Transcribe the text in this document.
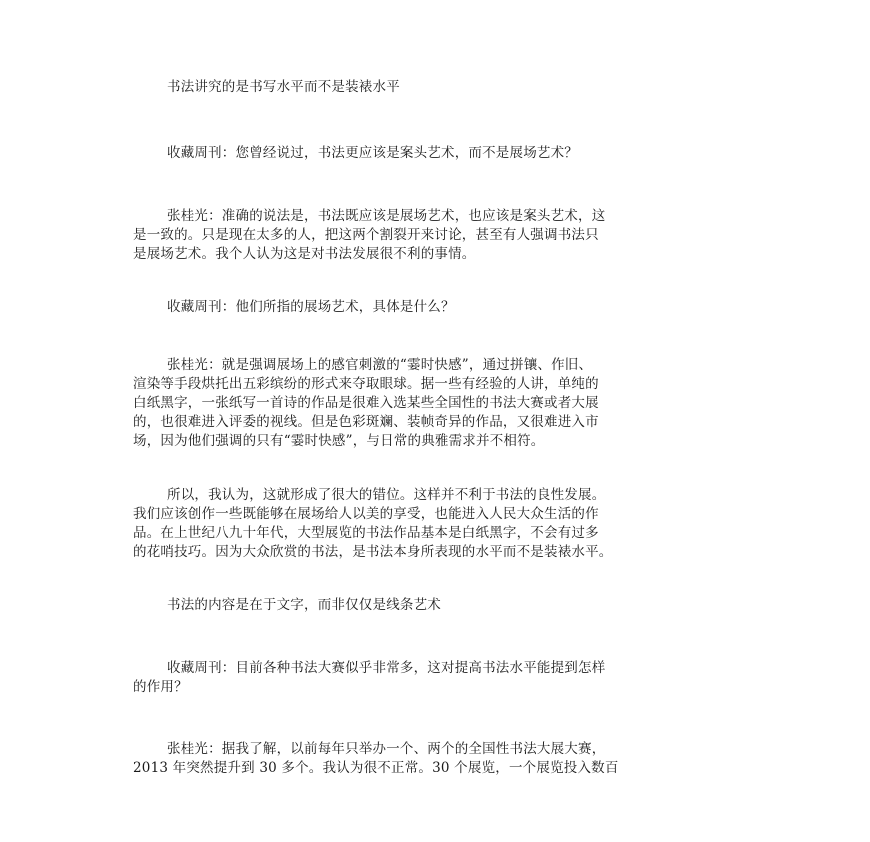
书法讲究的是书写水平而不是装裱水平

收藏周刊：您曾经说过，书法更应该是案头艺术，而不是展场艺术？

张桂光：准确的说法是，书法既应该是展场艺术，也应该是案头艺术，这
是一致的。只是现在太多的人，把这两个割裂开来讨论，甚至有人强调书法只
是展场艺术。我个人认为这是对书法发展很不利的事情。

收藏周刊：他们所指的展场艺术，具体是什么？

张桂光：就是强调展场上的感官刺激的“霎时快感”，通过拼镶、作旧、
渲染等手段烘托出五彩缤纷的形式来夺取眼球。据一些有经验的人讲，单纯的
白纸黑字，一张纸写一首诗的作品是很难入选某些全国性的书法大赛或者大展
的，也很难进入评委的视线。但是色彩斑斓、装帧奇异的作品，又很难进入市
场，因为他们强调的只有“霎时快感”，与日常的典雅需求并不相符。

所以，我认为，这就形成了很大的错位。这样并不利于书法的良性发展。
我们应该创作一些既能够在展场给人以美的享受，也能进入人民大众生活的作
品。在上世纪八九十年代，大型展览的书法作品基本是白纸黑字，不会有过多
的花哨技巧。因为大众欣赏的书法，是书法本身所表现的水平而不是装裱水平。

书法的内容是在于文字，而非仅仅是线条艺术

收藏周刊：目前各种书法大赛似乎非常多，这对提高书法水平能提到怎样
的作用？

张桂光：据我了解，以前每年只举办一个、两个的全国性书法大展大赛，
2013 年突然提升到 30 多个。我认为很不正常。30 个展览，一个展览投入数百
